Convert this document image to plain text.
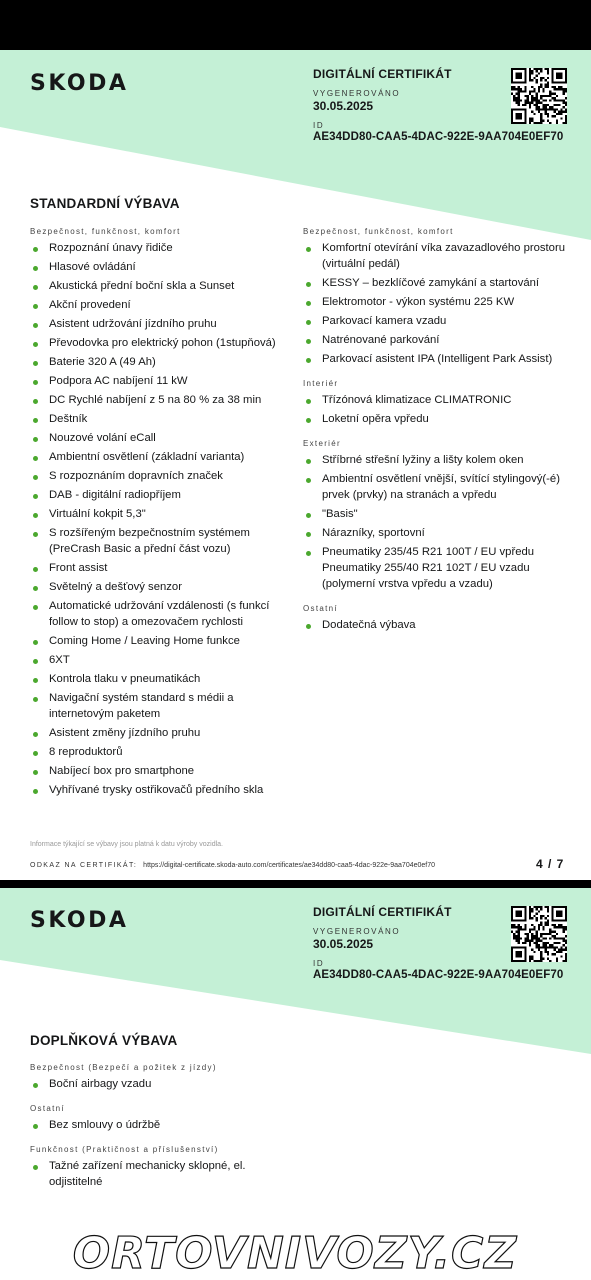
SKODA	DIGITÁLNÍ CERTIFIKÁT
VYGENEROVÁNO
30.05.2025
ID
AE34DD80-CAA5-4DAC-922E-9AA704E0EF70
STANDARDNÍ VÝBAVA
Bezpečnost, funkčnost, komfort
Rozpoznání únavy řidiče
Hlasové ovládání
Akustická přední boční skla a Sunset
Akční provedení
Asistent udržování jízdního pruhu
Převodovka pro elektrický pohon (1stupňová)
Baterie 320 A (49 Ah)
Podpora AC nabíjení 11 kW
DC Rychlé nabíjení z 5 na 80 % za 38 min
Deštník
Nouzové volání eCall
Ambientní osvětlení (základní varianta)
S rozpoznáním dopravních značek
DAB - digitální radiopříjem
Virtuální kokpit 5,3"
S rozšířeným bezpečnostním systémem (PreCrash Basic a přední část vozu)
Front assist
Světelný a dešťový senzor
Automatické udržování vzdálenosti (s funkcí follow to stop) a omezovačem rychlosti
Coming Home / Leaving Home funkce
6XT
Kontrola tlaku v pneumatikách
Navigační systém standard s médii a internetovým paketem
Asistent změny jízdního pruhu
8 reproduktorů
Nabíjecí box pro smartphone
Vyhřívané trysky ostřikovačů předního skla
Bezpečnost, funkčnost, komfort
Komfortní otevírání víka zavazadlového prostoru (virtuální pedál)
KESSY – bezklíčové zamykání a startování
Elektromotor - výkon systému 225 KW
Parkovací kamera vzadu
Natrénované parkování
Parkovací asistent IPA (Intelligent Park Assist)
Interiér
Třízónová klimatizace CLIMATRONIC
Loketní opěra vpředu
Exteriér
Stříbrné střešní lyžiny a lišty kolem oken
Ambientní osvětlení vnější, svítící stylingový(-é) prvek (prvky) na stranách a vpředu
"Basis"
Nárazníky, sportovní
Pneumatiky 235/45 R21 100T / EU vpředu Pneumatiky 255/40 R21 102T / EU vzadu (polymerní vrstva vpředu a vzadu)
Ostatní
Dodatečná výbava
Informace týkající se výbavy jsou platná k datu výroby vozidla.
ODKAZ NA CERTIFIKÁT: https://digital-certificate.skoda-auto.com/certificates/ae34dd80-caa5-4dac-922e-9aa704e0ef70	4 / 7
SKODA	DIGITÁLNÍ CERTIFIKÁT
VYGENEROVÁNO
30.05.2025
ID
AE34DD80-CAA5-4DAC-922E-9AA704E0EF70
DOPLŇKOVÁ VÝBAVA
Bezpečnost (Bezpečí a požitek z jízdy)
Boční airbagy vzadu
Ostatní
Bez smlouvy o údržbě
Funkčnost (Praktičnost a příslušenství)
Tažné zařízení mechanicky sklopné, el. odjistitelné
ORTOVNIVOZY.CZ
